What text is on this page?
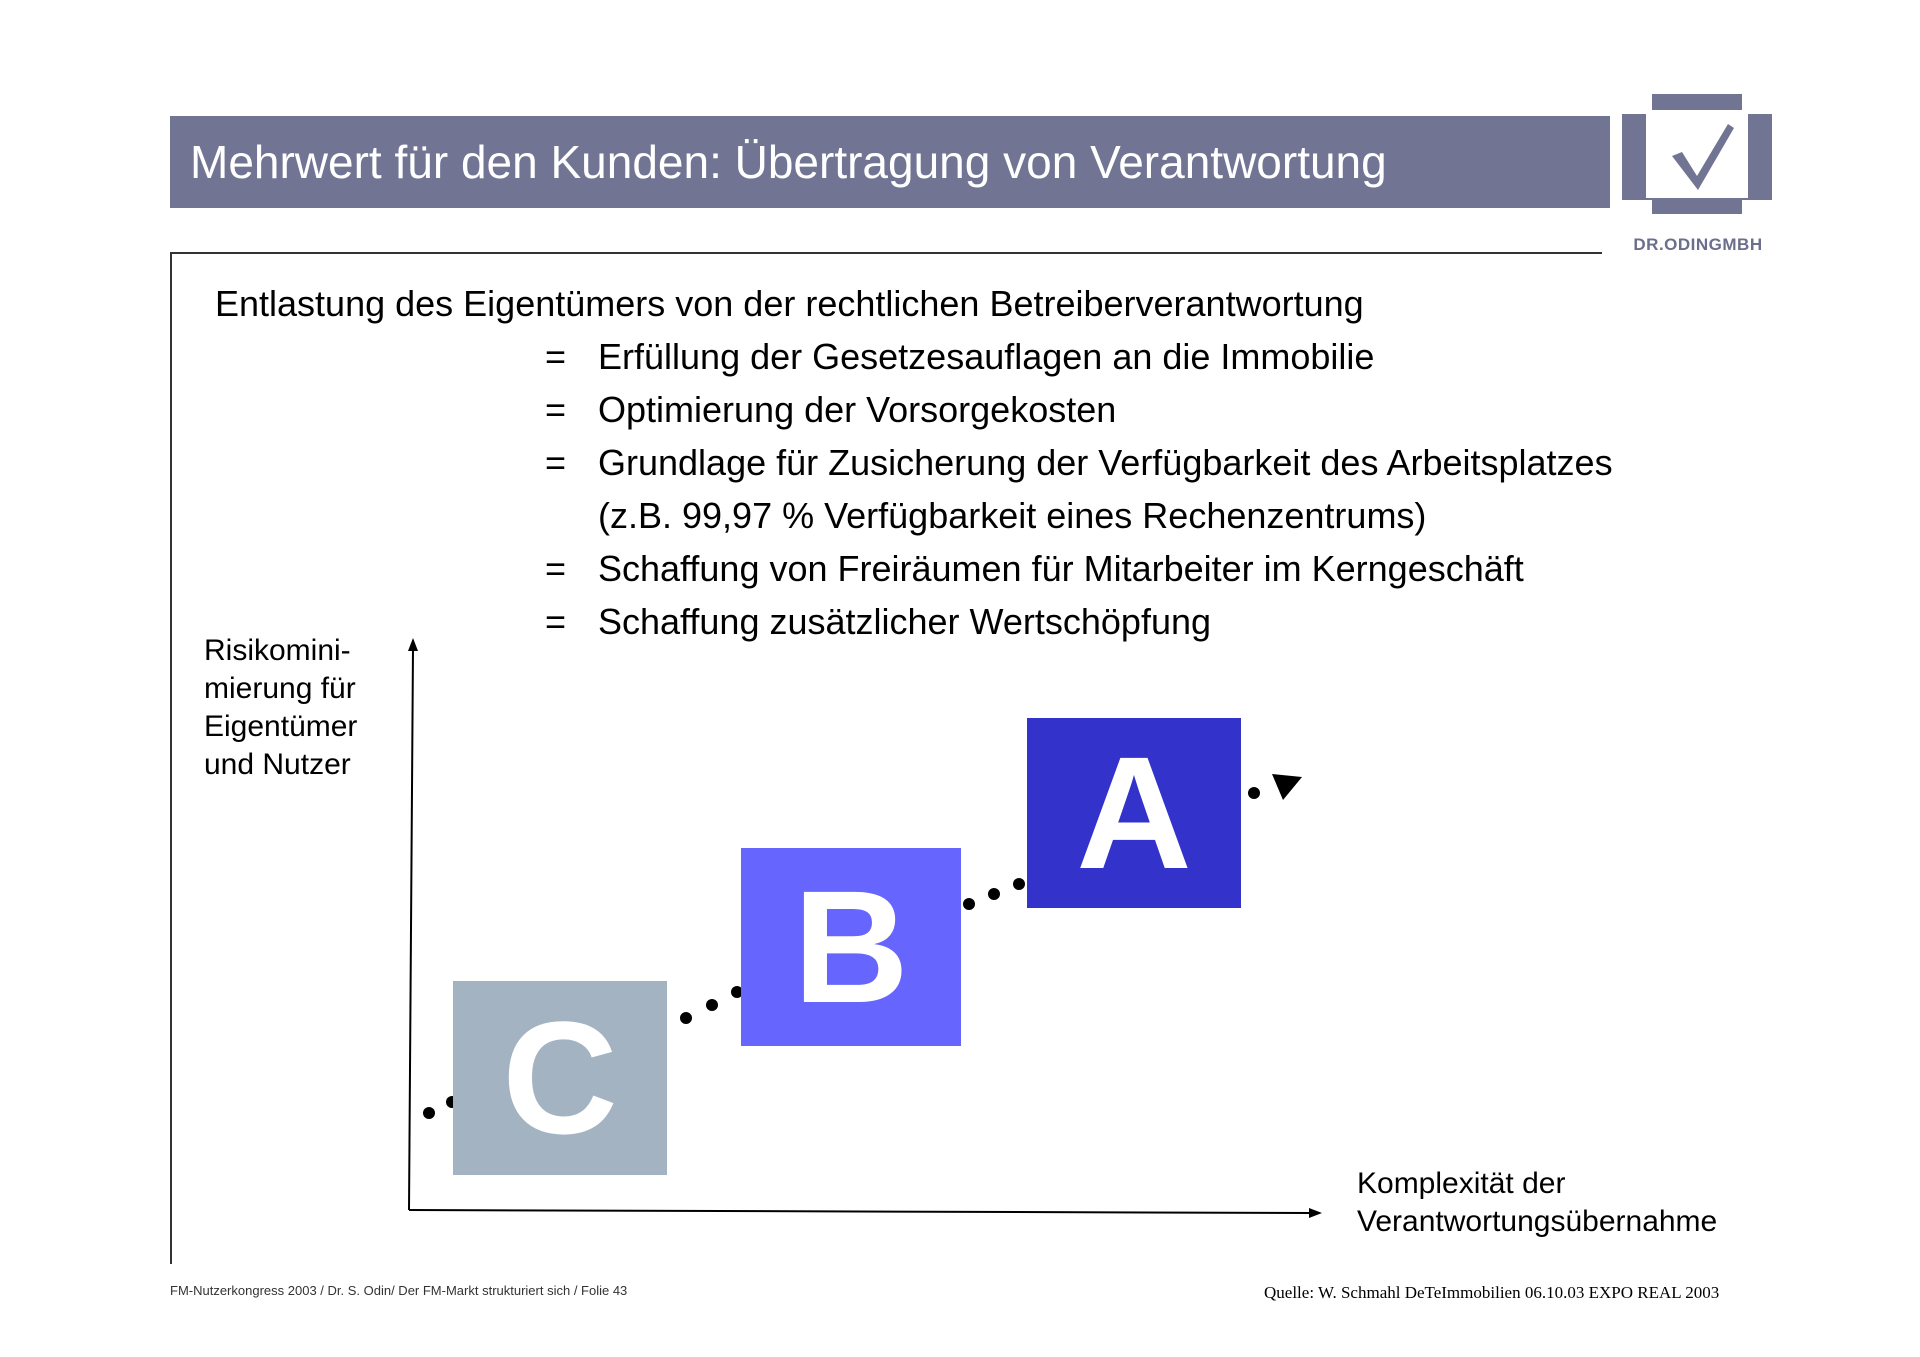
Mehrwert für den Kunden: Übertragung von Verantwortung
DR.ODINGMBH
Entlastung des Eigentümers von der rechtlichen Betreiberverantwortung
= Erfüllung der Gesetzesauflagen an die Immobilie
= Optimierung der Vorsorgekosten
= Grundlage für Zusicherung der Verfügbarkeit des Arbeitsplatzes
(z.B. 99,97 % Verfügbarkeit eines Rechenzentrums)
= Schaffung von Freiräumen für Mitarbeiter im Kerngeschäft
= Schaffung zusätzlicher Wertschöpfung
Risikomini-
mierung für
Eigentümer
und Nutzer
Komplexität der
Verantwortungsübernahme
C
B
A
FM-Nutzerkongress 2003 / Dr. S. Odin/ Der FM-Markt strukturiert sich / Folie 43	Quelle: W. Schmahl DeTeImmobilien 06.10.03 EXPO REAL 2003
